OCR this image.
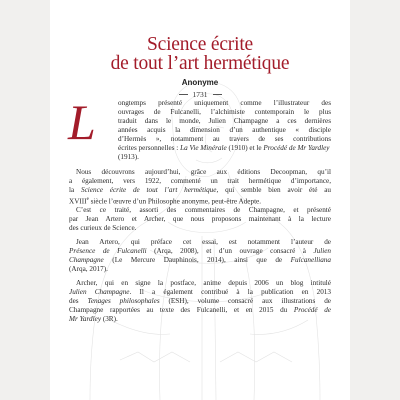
Science écrite
de tout l’art hermétique
Anonyme
1731
L	ongtemps présenté uniquement comme l’illustrateur des
ouvrages de Fulcanelli, l’alchimiste contemporain le plus
traduit dans le monde, Julien Champagne a ces dernières
années acquis la dimension d’un authentique « disciple
d’Hermès », notamment au travers de ses contributions
écrites personnelles : La Vie Minérale (1910) et le Procédé de Mr Yardley
(1913).
Nous découvrons aujourd’hui, grâce aux éditions Decoopman, qu’il
a également, vers 1922, commenté un trait hermétique d’importance,
la Science écrite de tout l’art hermétique, qui semble bien avoir été au
XVIIIe siècle l’œuvre d’un Philosophe anonyme, peut-être Adepte.
C’est ce traité, assorti des commentaires de Champagne, et présenté
par Jean Artero et Archer, que nous proposons maintenant à la lecture
des curieux de Science.
Jean Artero, qui préface cet essai, est notamment l’auteur de
Présence de Fulcanelli (Arqa, 2008), et d’un ouvrage consacré à Julien
Champagne (Le Mercure Dauphinois, 2014), ainsi que de Fulcanelliana
(Arqa, 2017).
Archer, qui en signe la postface, anime depuis 2006 un blog intitulé
Julien Champagne. Il a également contribué à la publication en 2013
des Tenages philosophales (ESH), volume consacré aux illustrations de
Champagne rapportées au texte des Fulcanelli, et en 2015 du Procédé de
Mr Yardley (3R).
